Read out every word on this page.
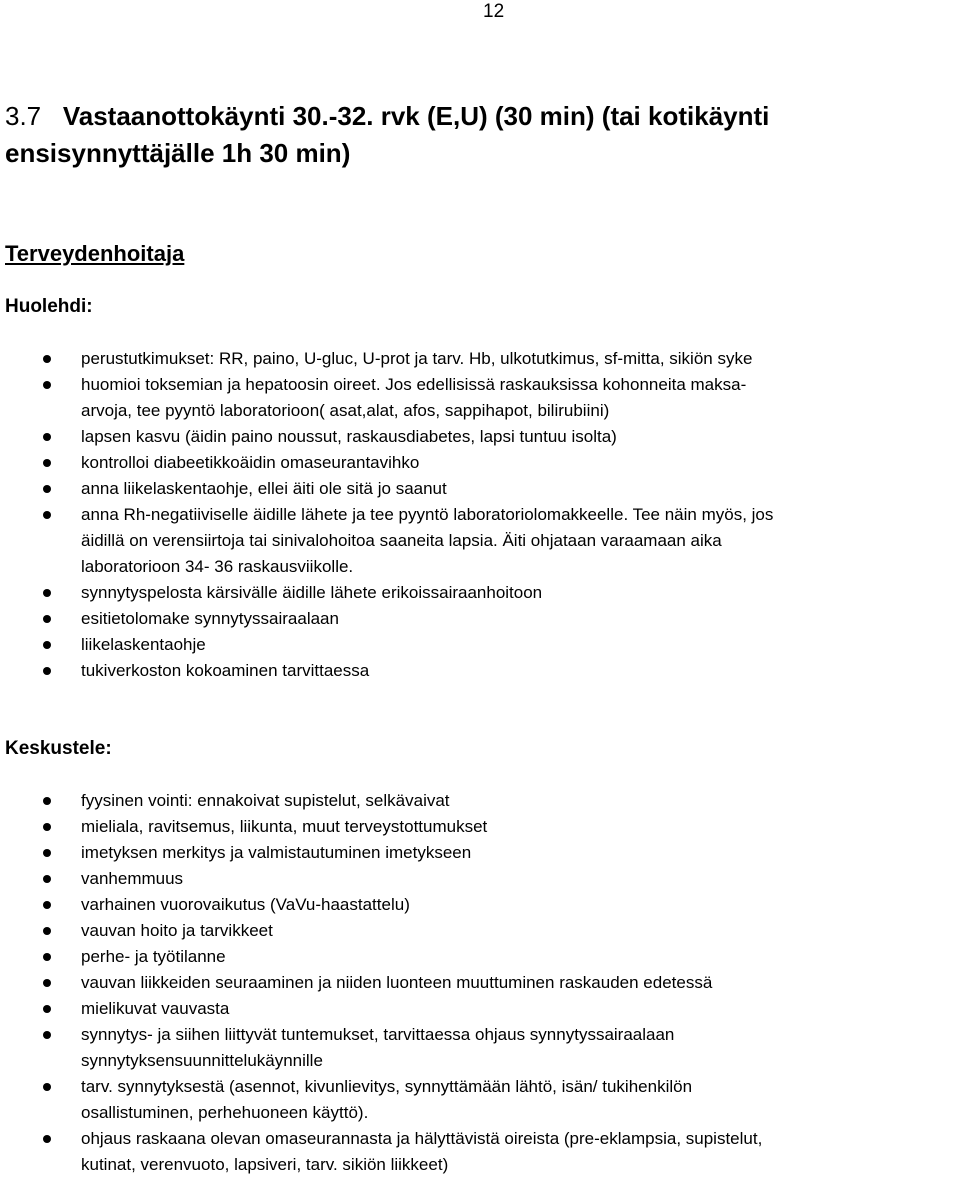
12
3.7 Vastaanottokäynti 30.-32. rvk (E,U) (30 min) (tai kotikäynti
ensisynnyttäjälle 1h 30 min)
Terveydenhoitaja
Huolehdi:
perustutkimukset: RR, paino, U-gluc, U-prot ja tarv. Hb, ulkotutkimus, sf-mitta, sikiön syke
huomioi toksemian ja hepatoosin oireet. Jos edellisissä raskauksissa kohonneita maksa-
arvoja, tee pyyntö laboratorioon( asat,alat, afos, sappihapot, bilirubiini)
lapsen kasvu (äidin paino noussut, raskausdiabetes, lapsi tuntuu isolta)
kontrolloi diabeetikkoäidin omaseurantavihko
anna liikelaskentaohje, ellei äiti ole sitä jo saanut
anna Rh-negatiiviselle äidille lähete ja tee pyyntö laboratoriolomakkeelle. Tee näin myös, jos
äidillä on verensiirtoja tai sinivalohoitoa saaneita lapsia. Äiti ohjataan varaamaan aika
laboratorioon 34- 36 raskausviikolle.
synnytyspelosta kärsivälle äidille lähete erikoissairaanhoitoon
esitietolomake synnytyssairaalaan
liikelaskentaohje
tukiverkoston kokoaminen tarvittaessa
Keskustele:
fyysinen vointi: ennakoivat supistelut, selkävaivat
mieliala, ravitsemus, liikunta, muut terveystottumukset
imetyksen merkitys ja valmistautuminen imetykseen
vanhemmuus
varhainen vuorovaikutus (VaVu-haastattelu)
vauvan hoito ja tarvikkeet
perhe- ja työtilanne
vauvan liikkeiden seuraaminen ja niiden luonteen muuttuminen raskauden edetessä
mielikuvat vauvasta
synnytys- ja siihen liittyvät tuntemukset, tarvittaessa ohjaus synnytyssairaalaan
synnytyksensuunnittelukäynnille
tarv. synnytyksestä (asennot, kivunlievitys, synnyttämään lähtö, isän/ tukihenkilön
osallistuminen, perhehuoneen käyttö).
ohjaus raskaana olevan omaseurannasta ja hälyttävistä oireista (pre-eklampsia, supistelut,
kutinat, verenvuoto, lapsiveri, tarv. sikiön liikkeet)
